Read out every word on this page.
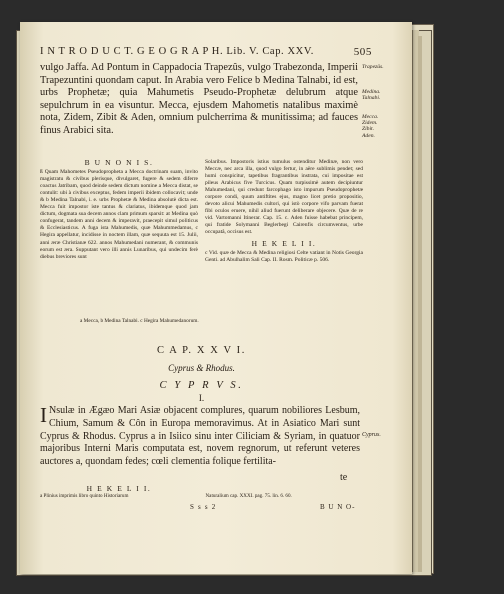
I N T R O D U C T. G E O G R A P H. Lib. V. Cap. XXV.	505

vulgo Jaffa. Ad Pontum in Cappadocia Trapezûs, vulgo Trabezonda, Imperii Trapezuntini quondam caput. In Arabia vero Felice b Medina Talnabi, id est, urbs Prophetæ; quia Mahumetis Pseudo-Prophetæ delubrum atque sepulchrum in ea visuntur. Mecca, ejusdem Mahometis natalibus maximè nota, Zidem, Zibit & Aden, omnium pulcherrima & munitissima; ad fauces finus Arabici sita.

Trapezûs.
Medina.
Talnabi.
Mecca.
Zidem.
Zibit.
Aden.
B U N O N I S.

ß Quam Mahometes Pseudopropheta a Mecca doctrinam suam, invito magistratu & civibus plerisque, divulgaret, fugere & sedem diferre coactus Jatribam, quod deinde sedem dictum nomine a Mecca distat, se contulit: ubi à civibus exceptus, fedem imperii ibidem collocavit; unde & b Medina Talnabi, i. e. urbs Prophetæ & Medina absolutè dicta est. Mecca fuit impostor iste tantus & clariatus, ibidemque quod jam dictum, dogmata sua decem annos clam primum sparsit: at Medina quò confugerat, tandem anni decem & imperavit, praecepit simul politicus & Ecclesiasticus. A fuga ista Mahumedis, quæ Mahummedamus, c Hegira appellatur, incidisse in noctem illam, quæ sequuta est 15. Julii, anni æræ Christianæ 622. annos Mahumedani numerant, & communis eorum est æra. Supputant vero illi annis Lunaribus, qui undecim ferè diebus breviores sunt

Solaribus. Impostoris istius tumulus ostenditur Medinæ, non vero Meccæ, nec arca illa, quod vulgo fertur, in aëre sublimis pendet; sed humi conspicitur, tapetibus fragrantibus instrata, cui impositae est pileus Arabicus five Turcicus. Quam turpissimè autem decipiuntur Mahumedani, qui credunt farcophago isto impurum Pseudoprophetæ corpore condi, quum antiftites ejus, magno licet pretio propositio, devoto alicui Mahumedis cultori, qui istò corpore vifo parvam fuerat fibi oculos eruere, nihil aliud fuerunt deliberare objecere. Quæ de re vid. Vartomanni Itinerar. Cap. 15. c. Aden fuisse habebat principem, qui fratide Solymanni Beglerbegi Cairenfis circumventus, urbe occupatâ, occisus est.

H E K E L I I.

c Vid. quæ de Mecca & Medina religiosi Celte vatiant in Notis Georgia Genti. ad Abulhalim Sali Cap. II. Rosm. Politicæ p. 506.

a Mecca, b Medina Talnabi. c Hegira Mahumedanorum.
C A P. X X V I.
Cyprus & Rhodus.
C Y P R V S.
I.
I Nsulæ in Ægæo Mari Asiæ objacent complures, quarum nobiliores Lesbum, Chium, Samum & Côn in Europa memoravimus. At in Asiatico Mari sunt Cyprus & Rhodus. Cyprus a in Isiico sinu inter Ciliciam & Syriam, in quatuor majoribus Interni Maris computata est, novem regnorum, ut referunt veteres auctores a, quondam fedes; cœli clementia folique fertilita-

Cyprus.
te
H E K E L I I.
a Plinius imprimis libro quinto Historiarum	Naturalium cap. XXXI. pag. 75. lin. 6. 60.
S s s 2	B U N O-
